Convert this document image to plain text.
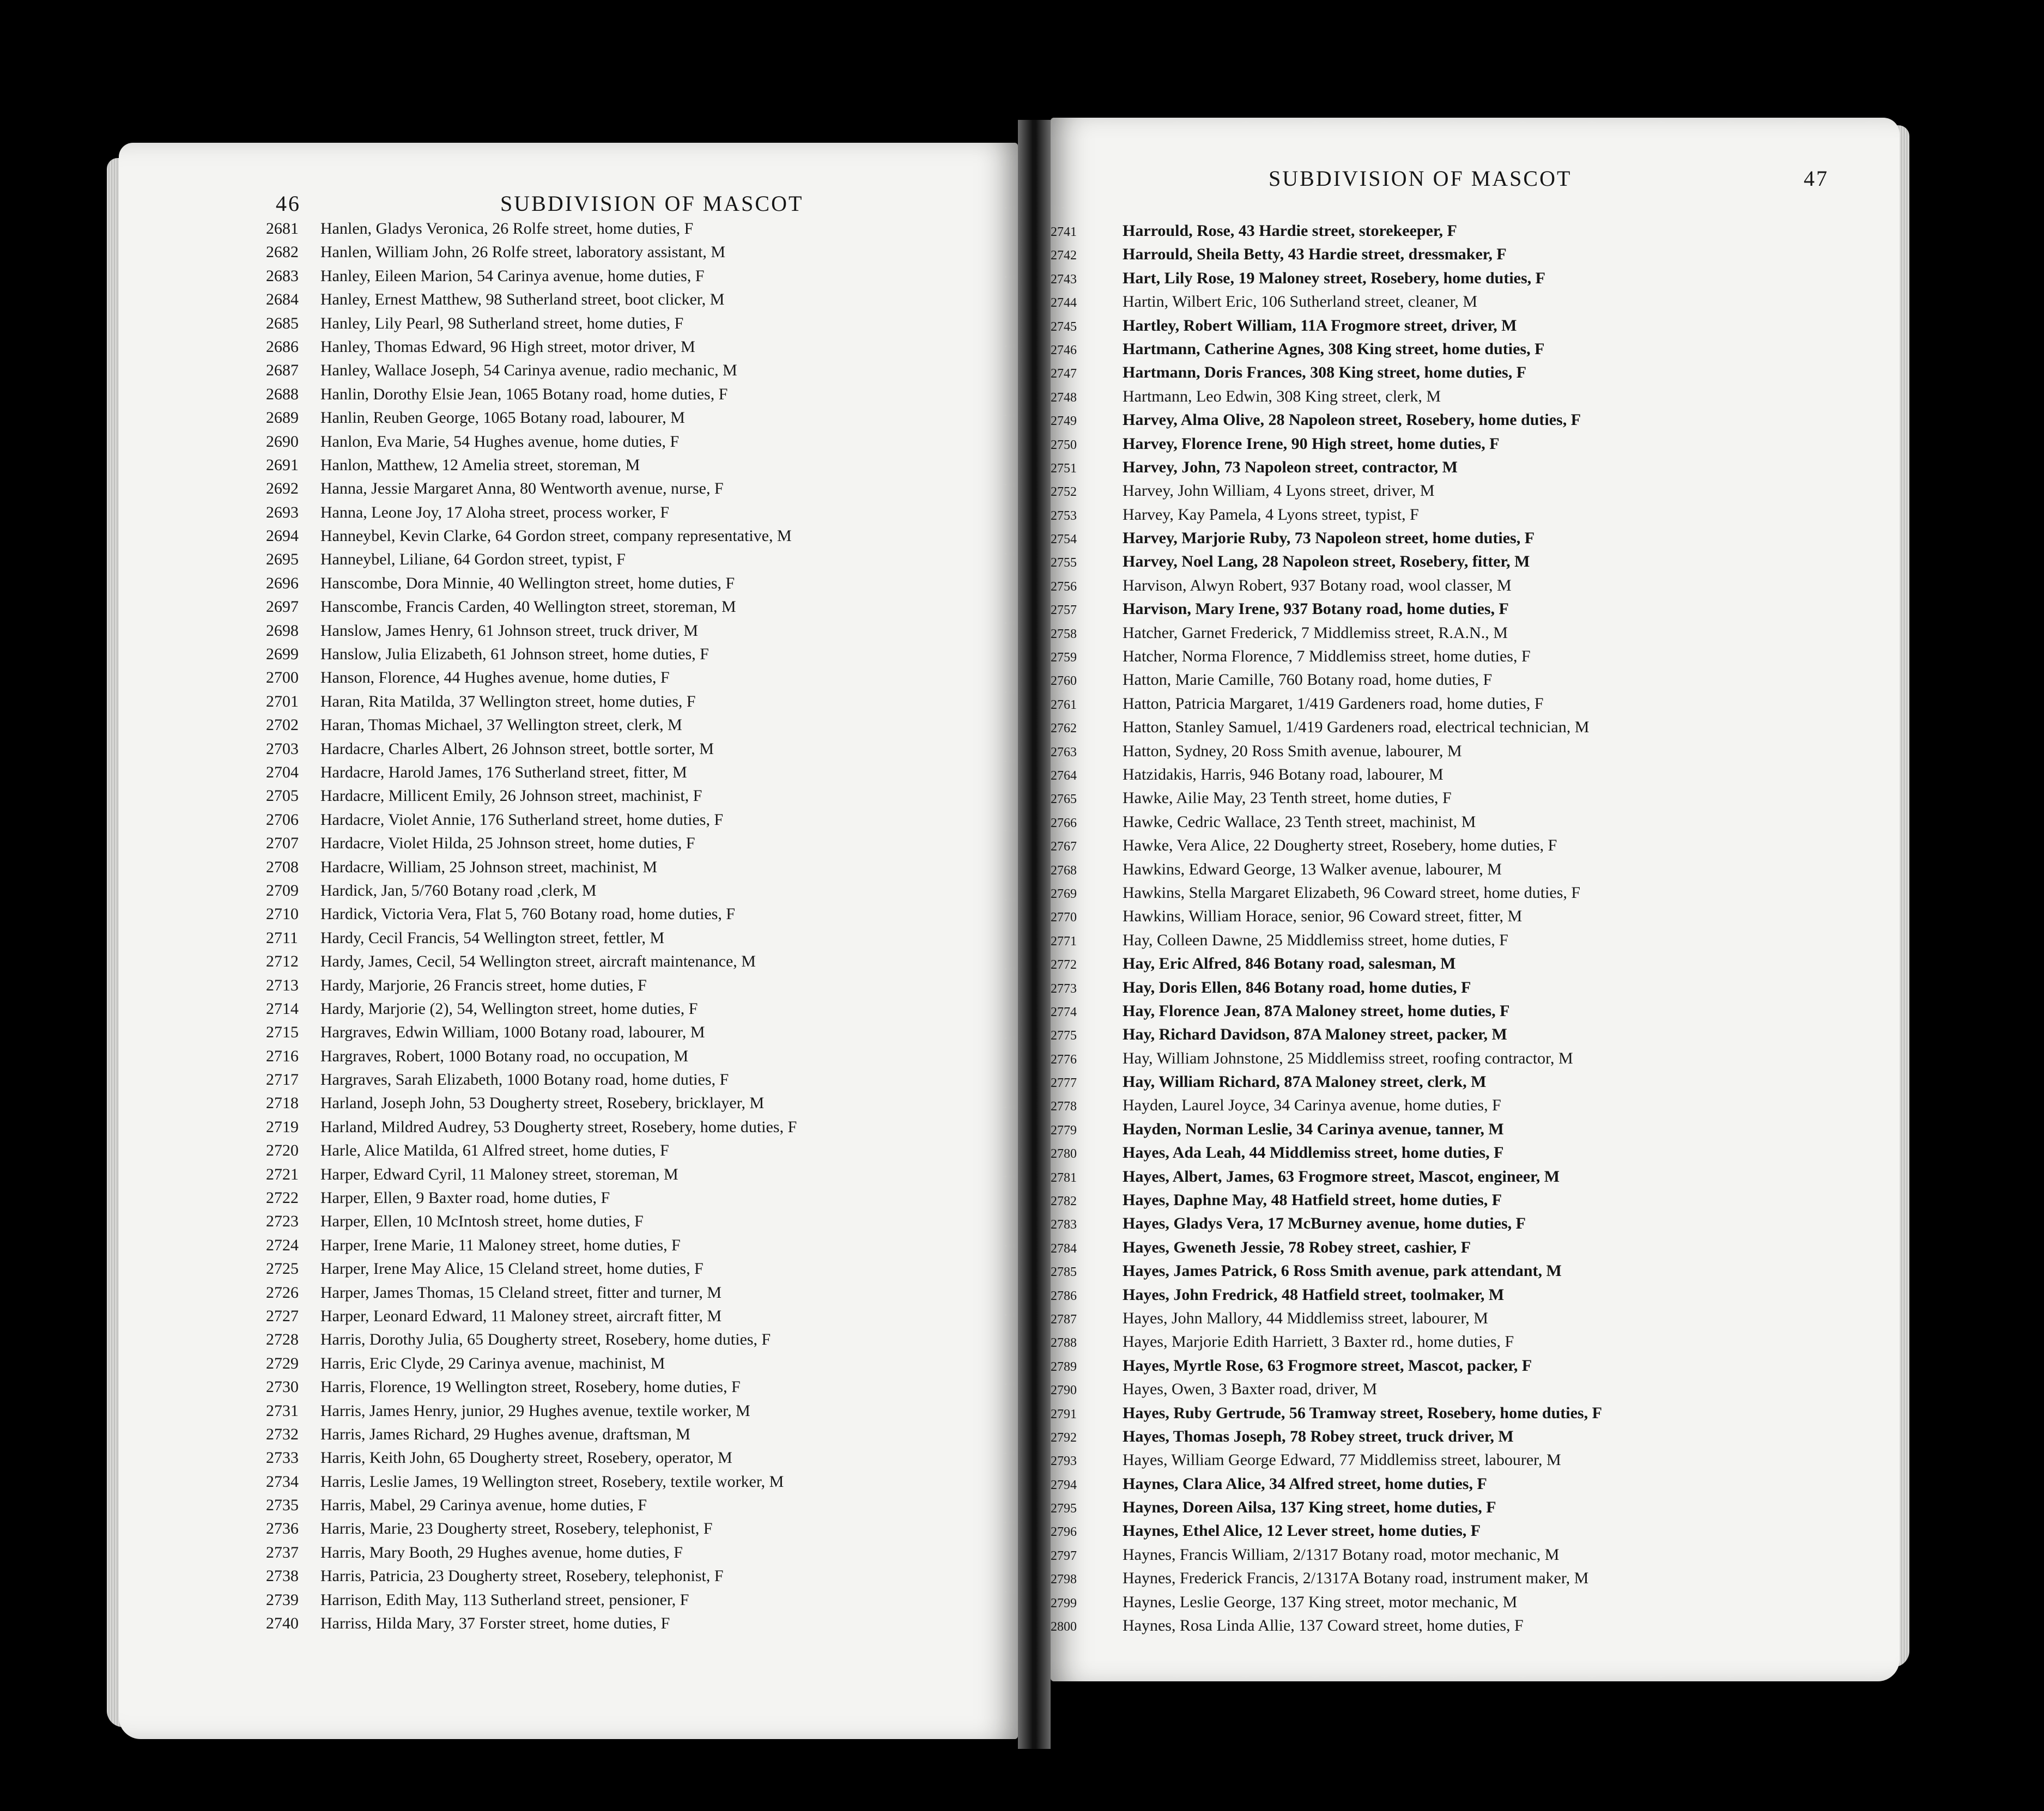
46	SUBDIVISION OF MASCOT
2681 Hanlen, Gladys Veronica, 26 Rolfe street, home duties, F
2682 Hanlen, William John, 26 Rolfe street, laboratory assistant, M
2683 Hanley, Eileen Marion, 54 Carinya avenue, home duties, F
2684 Hanley, Ernest Matthew, 98 Sutherland street, boot clicker, M
2685 Hanley, Lily Pearl, 98 Sutherland street, home duties, F
2686 Hanley, Thomas Edward, 96 High street, motor driver, M
2687 Hanley, Wallace Joseph, 54 Carinya avenue, radio mechanic, M
2688 Hanlin, Dorothy Elsie Jean, 1065 Botany road, home duties, F
2689 Hanlin, Reuben George, 1065 Botany road, labourer, M
2690 Hanlon, Eva Marie, 54 Hughes avenue, home duties, F
2691 Hanlon, Matthew, 12 Amelia street, storeman, M
2692 Hanna, Jessie Margaret Anna, 80 Wentworth avenue, nurse, F
2693 Hanna, Leone Joy, 17 Aloha street, process worker, F
2694 Hanneybel, Kevin Clarke, 64 Gordon street, company representative, M
2695 Hanneybel, Liliane, 64 Gordon street, typist, F
2696 Hanscombe, Dora Minnie, 40 Wellington street, home duties, F
2697 Hanscombe, Francis Carden, 40 Wellington street, storeman, M
2698 Hanslow, James Henry, 61 Johnson street, truck driver, M
2699 Hanslow, Julia Elizabeth, 61 Johnson street, home duties, F
2700 Hanson, Florence, 44 Hughes avenue, home duties, F
2701 Haran, Rita Matilda, 37 Wellington street, home duties, F
2702 Haran, Thomas Michael, 37 Wellington street, clerk, M
2703 Hardacre, Charles Albert, 26 Johnson street, bottle sorter, M
2704 Hardacre, Harold James, 176 Sutherland street, fitter, M
2705 Hardacre, Millicent Emily, 26 Johnson street, machinist, F
2706 Hardacre, Violet Annie, 176 Sutherland street, home duties, F
2707 Hardacre, Violet Hilda, 25 Johnson street, home duties, F
2708 Hardacre, William, 25 Johnson street, machinist, M
2709 Hardick, Jan, 5/760 Botany road ,clerk, M
2710 Hardick, Victoria Vera, Flat 5, 760 Botany road, home duties, F
2711 Hardy, Cecil Francis, 54 Wellington street, fettler, M
2712 Hardy, James, Cecil, 54 Wellington street, aircraft maintenance, M
2713 Hardy, Marjorie, 26 Francis street, home duties, F
2714 Hardy, Marjorie (2), 54, Wellington street, home duties, F
2715 Hargraves, Edwin William, 1000 Botany road, labourer, M
2716 Hargraves, Robert, 1000 Botany road, no occupation, M
2717 Hargraves, Sarah Elizabeth, 1000 Botany road, home duties, F
2718 Harland, Joseph John, 53 Dougherty street, Rosebery, bricklayer, M
2719 Harland, Mildred Audrey, 53 Dougherty street, Rosebery, home duties, F
2720 Harle, Alice Matilda, 61 Alfred street, home duties, F
2721 Harper, Edward Cyril, 11 Maloney street, storeman, M
2722 Harper, Ellen, 9 Baxter road, home duties, F
2723 Harper, Ellen, 10 McIntosh street, home duties, F
2724 Harper, Irene Marie, 11 Maloney street, home duties, F
2725 Harper, Irene May Alice, 15 Cleland street, home duties, F
2726 Harper, James Thomas, 15 Cleland street, fitter and turner, M
2727 Harper, Leonard Edward, 11 Maloney street, aircraft fitter, M
2728 Harris, Dorothy Julia, 65 Dougherty street, Rosebery, home duties, F
2729 Harris, Eric Clyde, 29 Carinya avenue, machinist, M
2730 Harris, Florence, 19 Wellington street, Rosebery, home duties, F
2731 Harris, James Henry, junior, 29 Hughes avenue, textile worker, M
2732 Harris, James Richard, 29 Hughes avenue, draftsman, M
2733 Harris, Keith John, 65 Dougherty street, Rosebery, operator, M
2734 Harris, Leslie James, 19 Wellington street, Rosebery, textile worker, M
2735 Harris, Mabel, 29 Carinya avenue, home duties, F
2736 Harris, Marie, 23 Dougherty street, Rosebery, telephonist, F
2737 Harris, Mary Booth, 29 Hughes avenue, home duties, F
2738 Harris, Patricia, 23 Dougherty street, Rosebery, telephonist, F
2739 Harrison, Edith May, 113 Sutherland street, pensioner, F
2740 Harriss, Hilda Mary, 37 Forster street, home duties, F
SUBDIVISION OF MASCOT	47
2741	Harrould, Rose, 43 Hardie street, storekeeper, F
2742	Harrould, Sheila Betty, 43 Hardie street, dressmaker, F
2743	Hart, Lily Rose, 19 Maloney street, Rosebery, home duties, F
2744	Hartin, Wilbert Eric, 106 Sutherland street, cleaner, M
2745	Hartley, Robert William, 11A Frogmore street, driver, M
2746	Hartmann, Catherine Agnes, 308 King street, home duties, F
2747	Hartmann, Doris Frances, 308 King street, home duties, F
2748	Hartmann, Leo Edwin, 308 King street, clerk, M
2749	Harvey, Alma Olive, 28 Napoleon street, Rosebery, home duties, F
2750	Harvey, Florence Irene, 90 High street, home duties, F
2751	Harvey, John, 73 Napoleon street, contractor, M
2752	Harvey, John William, 4 Lyons street, driver, M
2753	Harvey, Kay Pamela, 4 Lyons street, typist, F
2754	Harvey, Marjorie Ruby, 73 Napoleon street, home duties, F
2755	Harvey, Noel Lang, 28 Napoleon street, Rosebery, fitter, M
2756	Harvison, Alwyn Robert, 937 Botany road, wool classer, M
2757	Harvison, Mary Irene, 937 Botany road, home duties, F
2758	Hatcher, Garnet Frederick, 7 Middlemiss street, R.A.N., M
2759	Hatcher, Norma Florence, 7 Middlemiss street, home duties, F
2760	Hatton, Marie Camille, 760 Botany road, home duties, F
2761	Hatton, Patricia Margaret, 1/419 Gardeners road, home duties, F
2762	Hatton, Stanley Samuel, 1/419 Gardeners road, electrical technician, M
2763	Hatton, Sydney, 20 Ross Smith avenue, labourer, M
2764	Hatzidakis, Harris, 946 Botany road, labourer, M
2765	Hawke, Ailie May, 23 Tenth street, home duties, F
2766	Hawke, Cedric Wallace, 23 Tenth street, machinist, M
2767	Hawke, Vera Alice, 22 Dougherty street, Rosebery, home duties, F
2768	Hawkins, Edward George, 13 Walker avenue, labourer, M
2769	Hawkins, Stella Margaret Elizabeth, 96 Coward street, home duties, F
2770	Hawkins, William Horace, senior, 96 Coward street, fitter, M
2771	Hay, Colleen Dawne, 25 Middlemiss street, home duties, F
2772	Hay, Eric Alfred, 846 Botany road, salesman, M
2773	Hay, Doris Ellen, 846 Botany road, home duties, F
2774	Hay, Florence Jean, 87A Maloney street, home duties, F
2775	Hay, Richard Davidson, 87A Maloney street, packer, M
2776	Hay, William Johnstone, 25 Middlemiss street, roofing contractor, M
2777	Hay, William Richard, 87A Maloney street, clerk, M
2778	Hayden, Laurel Joyce, 34 Carinya avenue, home duties, F
2779	Hayden, Norman Leslie, 34 Carinya avenue, tanner, M
2780	Hayes, Ada Leah, 44 Middlemiss street, home duties, F
2781	Hayes, Albert, James, 63 Frogmore street, Mascot, engineer, M
2782	Hayes, Daphne May, 48 Hatfield street, home duties, F
2783	Hayes, Gladys Vera, 17 McBurney avenue, home duties, F
2784	Hayes, Gweneth Jessie, 78 Robey street, cashier, F
2785	Hayes, James Patrick, 6 Ross Smith avenue, park attendant, M
2786	Hayes, John Fredrick, 48 Hatfield street, toolmaker, M
2787	Hayes, John Mallory, 44 Middlemiss street, labourer, M
2788	Hayes, Marjorie Edith Harriett, 3 Baxter rd., home duties, F
2789	Hayes, Myrtle Rose, 63 Frogmore street, Mascot, packer, F
2790	Hayes, Owen, 3 Baxter road, driver, M
2791	Hayes, Ruby Gertrude, 56 Tramway street, Rosebery, home duties, F
2792	Hayes, Thomas Joseph, 78 Robey street, truck driver, M
2793	Hayes, William George Edward, 77 Middlemiss street, labourer, M
2794	Haynes, Clara Alice, 34 Alfred street, home duties, F
2795	Haynes, Doreen Ailsa, 137 King street, home duties, F
2796	Haynes, Ethel Alice, 12 Lever street, home duties, F
2797	Haynes, Francis William, 2/1317 Botany road, motor mechanic, M
2798	Haynes, Frederick Francis, 2/1317A Botany road, instrument maker, M
2799	Haynes, Leslie George, 137 King street, motor mechanic, M
2800	Haynes, Rosa Linda Allie, 137 Coward street, home duties, F
